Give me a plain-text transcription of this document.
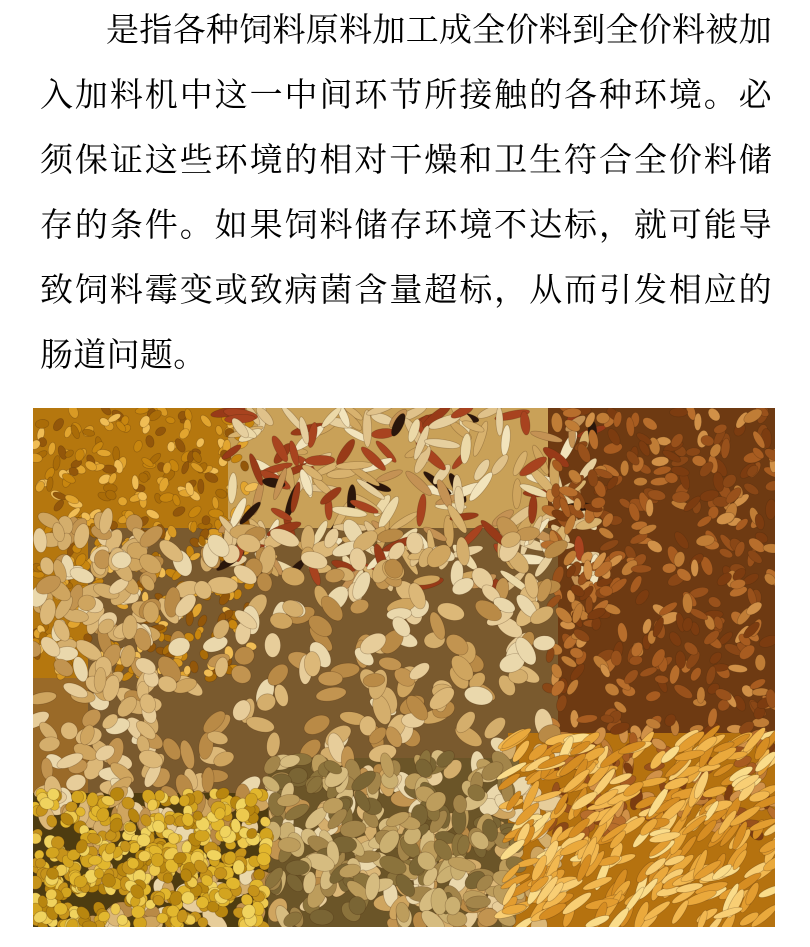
是指各种饲料原料加工成全价料到全价料被加入加料机中这一中间环节所接触的各种环境。必须保证这些环境的相对干燥和卫生符合全价料储存的条件。如果饲料储存环境不达标，就可能导致饲料霉变或致病菌含量超标，从而引发相应的肠道问题。
